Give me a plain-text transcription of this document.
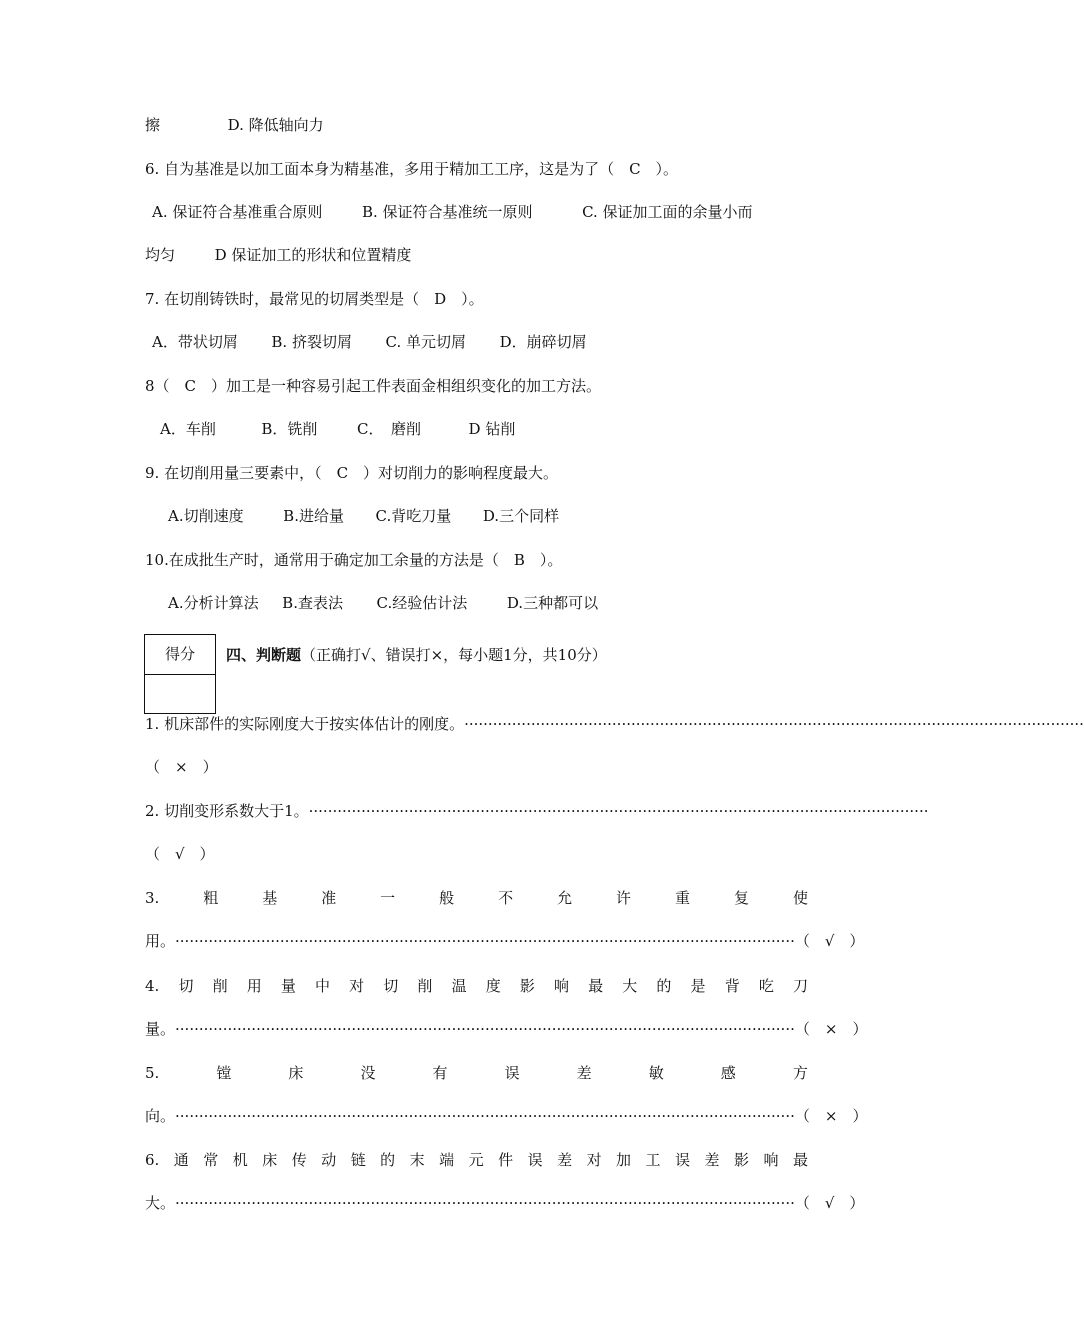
擦	D. 降低轴向力
6. 自为基准是以加工面本身为精基准，多用于精加工工序，这是为了（　C　）。
A. 保证符合基准重合原则	B. 保证符合基准统一原则	C. 保证加工面的余量小而
均匀	D 保证加工的形状和位置精度
7. 在切削铸铁时，最常见的切屑类型是（　D　）。
A．带状切屑 B. 挤裂切屑 C. 单元切屑 D．崩碎切屑
8（　C　）加工是一种容易引起工件表面金相组织变化的加工方法。
A．车削	B．铣削	C．　磨削	D 钻削
9. 在切削用量三要素中，（　C　）对切削力的影响程度最大。
A.切削速度	B.进给量 C.背吃刀量 D.三个同样
10.在成批生产时，通常用于确定加工余量的方法是（　B　）。
A.分析计算法 B.查表法 C.经验估计法	D.三种都可以
得分	四、判断题（正确打√、错误打×，每小题1分，共10分）
1. 机床部件的实际刚度大于按实体估计的刚度。 ··································································································································
（　×　）
2. 切削变形系数大于1。 ··································································································································
（　√　）
3.	粗	基	准	一	般	不	允	许	重	复	使
用。 ·································································································································· （　√　）
4. 切 削 用 量 中 对 切 削 温 度 影 响 最 大 的 是 背 吃 刀
量。 ·································································································································· （　×　）
5.	镗	床	没	有	误	差	敏	感	方
向。 ·································································································································· （　×　）
6. 通 常 机 床 传 动 链 的 末 端 元 件 误 差 对 加 工 误 差 影 响 最
大。 ·································································································································· （　√　）
